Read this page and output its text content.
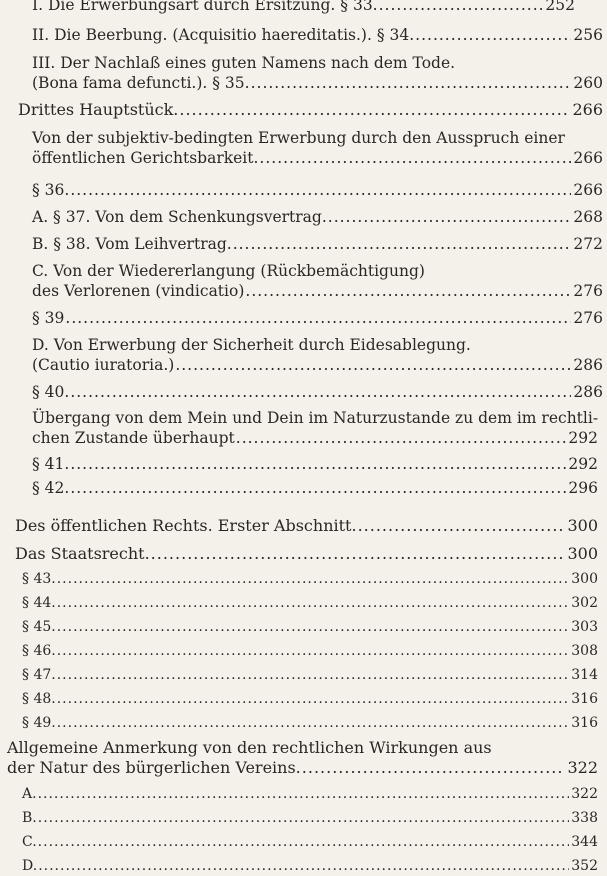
I. Die Erwerbungsart durch Ersitzung. § 33. .....	252
II. Die Beerbung. (Acquisitio haereditatis.). § 34. .....	256
III. Der Nachlaß eines guten Namens nach dem Tode.
(Bona fama defuncti.). § 35. .....	260
Drittes Hauptstück. .....	266
Von der subjektiv-bedingten Erwerbung durch den Ausspruch einer
öffentlichen Gerichtsbarkeit. .....	266
§ 36. .....	266
A. § 37. Von dem Schenkungsvertrag. .....	268
B. § 38. Vom Leihvertrag. .....	272
C. Von der Wiedererlangung (Rückbemächtigung)
des Verlorenen (vindicatio) .....	276
§ 39 .....	276
D. Von Erwerbung der Sicherheit durch Eidesablegung.
(Cautio iuratoria.) .....	286
§ 40. .....	286
Übergang von dem Mein und Dein im Naturzustande zu dem im rechtli-
chen Zustande überhaupt .....	292
§ 41. .....	292
§ 42. .....	296
Des öffentlichen Rechts. Erster Abschnitt. .....	300
Das Staatsrecht. .....	300
§ 43. .....	300
§ 44. .....	302
§ 45. .....	303
§ 46. .....	308
§ 47. .....	314
§ 48. .....	316
§ 49. .....	316
Allgemeine Anmerkung von den rechtlichen Wirkungen aus
der Natur des bürgerlichen Vereins. .....	322
A. .....	322
B. .....	338
C. .....	344
D. .....	352
